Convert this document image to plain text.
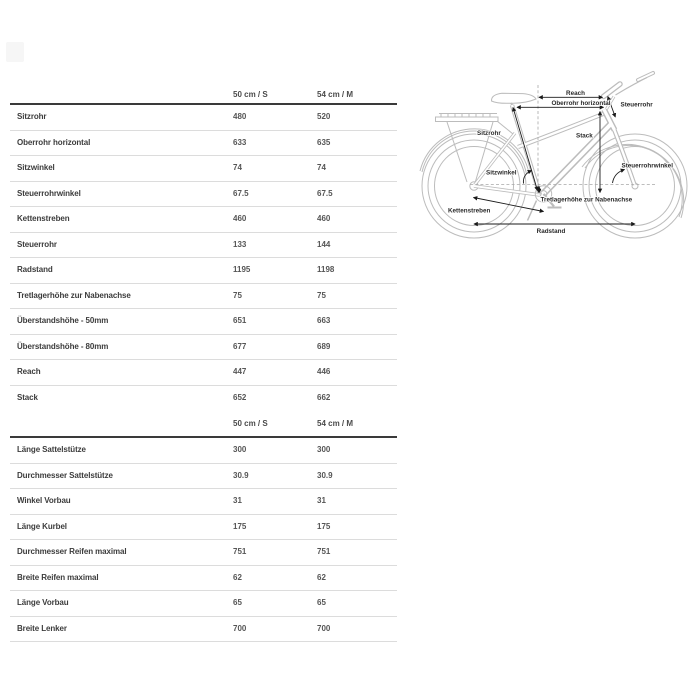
50 cm / S	54 cm / M
Sitzrohr	480	520
Oberrohr horizontal	633	635
Sitzwinkel	74	74
Steuerrohrwinkel	67.5	67.5
Kettenstreben	460	460
Steuerrohr	133	144
Radstand	1195	1198
Tretlagerhöhe zur Nabenachse	75	75
Überstandshöhe - 50mm	651	663
Überstandshöhe - 80mm	677	689
Reach	447	446
Stack	652	662
50 cm / S	54 cm / M
Länge Sattelstütze	300	300
Durchmesser Sattelstütze	30.9	30.9
Winkel Vorbau	31	31
Länge Kurbel	175	175
Durchmesser Reifen maximal	751	751
Breite Reifen maximal	62	62
Länge Vorbau	65	65
Breite Lenker	700	700
Reach
Oberrohr horizontal Steuerrohr
Sitzrohr	Stack
Steuerrohrwinkel
Sitzwinkel
Tretlagerhöhe zur Nabenachse
Kettenstreben
Radstand
